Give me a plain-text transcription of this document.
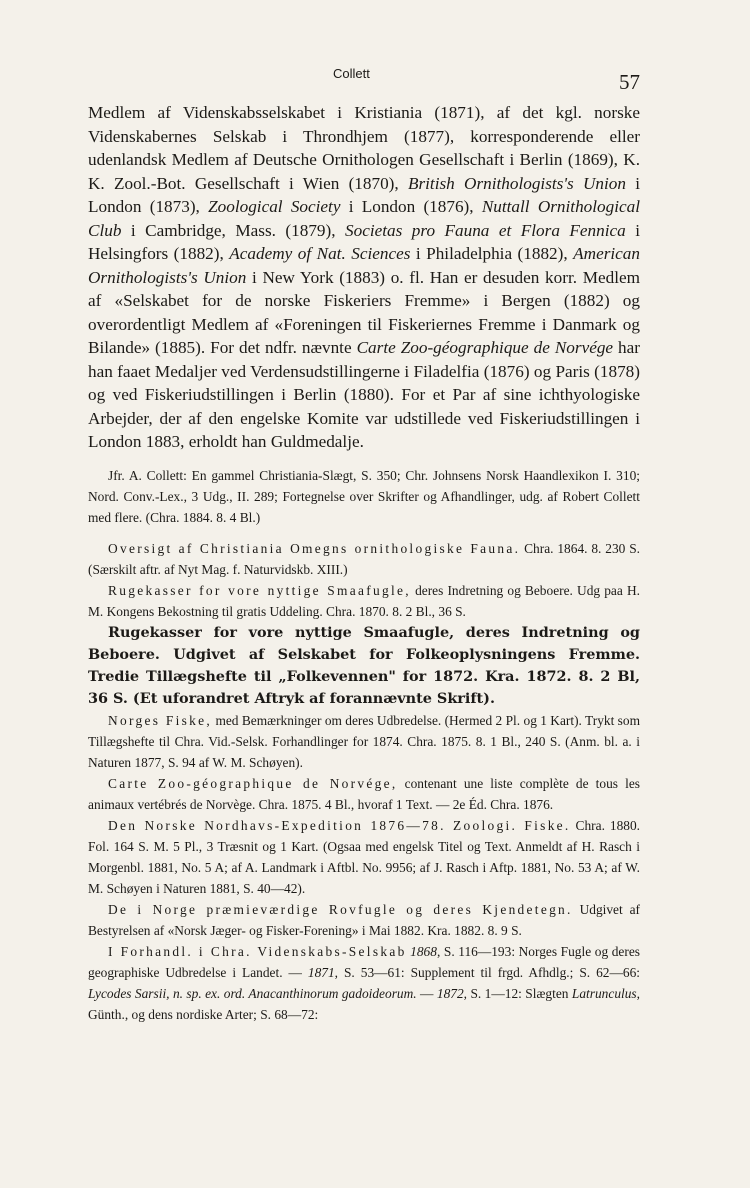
Collett	57

Medlem af Videnskabsselskabet i Kristiania (1871), af det kgl. norske Videnskabernes Selskab i Throndhjem (1877), korresponderende eller udenlandsk Medlem af Deutsche Ornithologen Gesellschaft i Berlin (1869), K. K. Zool.-Bot. Gesellschaft i Wien (1870), British Ornithologists's Union i London (1873), Zoological Society i London (1876), Nuttall Ornithological Club i Cambridge, Mass. (1879), Societas pro Fauna et Flora Fennica i Helsingfors (1882), Academy of Nat. Sciences i Philadelphia (1882), American Ornithologists's Union i New York (1883) o. fl. Han er desuden korr. Medlem af «Selskabet for de norske Fiskeriers Fremme» i Bergen (1882) og overordentligt Medlem af «Foreningen til Fiskeriernes Fremme i Danmark og Bilande» (1885). For det ndfr. nævnte Carte Zoo-géographique de Norvége har han faaet Medaljer ved Verdensudstillingerne i Filadelfia (1876) og Paris (1878) og ved Fiskeriudstillingen i Berlin (1880). For et Par af sine ichthyologiske Arbejder, der af den engelske Komite var udstillede ved Fiskeriudstillingen i London 1883, erholdt han Guldmedalje.

Jfr. A. Collett: En gammel Christiania-Slægt, S. 350; Chr. Johnsens Norsk Haandlexikon I. 310; Nord. Conv.-Lex., 3 Udg., II. 289; Fortegnelse over Skrifter og Afhandlinger, udg. af Robert Collett med flere. (Chra. 1884. 8. 4 Bl.)

Oversigt af Christiania Omegns ornithologiske Fauna. Chra. 1864. 8. 230 S. (Særskilt aftr. af Nyt Mag. f. Naturvidskb. XIII.)

Rugekasser for vore nyttige Smaafugle, deres Indretning og Beboere. Udg paa H. M. Kongens Bekostning til gratis Uddeling. Chra. 1870. 8. 2 Bl., 36 S.

Rugekasser for vore nyttige Smaafugle, deres Indretning og Beboere. Udgivet af Selskabet for Folkeoplysningens Fremme. Tredie Tillægshefte til „Folkevennen" for 1872. Kra. 1872. 8. 2 Bl, 36 S. (Et uforandret Aftryk af forannævnte Skrift).

Norges Fiske, med Bemærkninger om deres Udbredelse. (Hermed 2 Pl. og 1 Kart). Trykt som Tillægshefte til Chra. Vid.-Selsk. Forhandlinger for 1874. Chra. 1875. 8. 1 Bl., 240 S. (Anm. bl. a. i Naturen 1877, S. 94 af W. M. Schøyen).

Carte Zoo-géographique de Norvége, contenant une liste complète de tous les animaux vertébrés de Norvège. Chra. 1875. 4 Bl., hvoraf 1 Text. — 2e Éd. Chra. 1876.

Den Norske Nordhavs-Expedition 1876—78. Zoologi. Fiske. Chra. 1880. Fol. 164 S. M. 5 Pl., 3 Træsnit og 1 Kart. (Ogsaa med engelsk Titel og Text. Anmeldt af H. Rasch i Morgenbl. 1881, No. 5 A; af A. Landmark i Aftbl. No. 9956; af J. Rasch i Aftp. 1881, No. 53 A; af W. M. Schøyen i Naturen 1881, S. 40—42).

De i Norge præmieværdige Rovfugle og deres Kjendetegn. Udgivet af Bestyrelsen af «Norsk Jæger- og Fisker-Forening» i Mai 1882. Kra. 1882. 8. 9 S.

I Forhandl. i Chra. Videnskabs-Selskab 1868, S. 116—193: Norges Fugle og deres geographiske Udbredelse i Landet. — 1871, S. 53—61: Supplement til frgd. Afhdlg.; S. 62—66: Lycodes Sarsii, n. sp. ex. ord. Anacanthinorum gadoideorum. — 1872, S. 1—12: Slægten Latrunculus, Günth., og dens nordiske Arter; S. 68—72:
